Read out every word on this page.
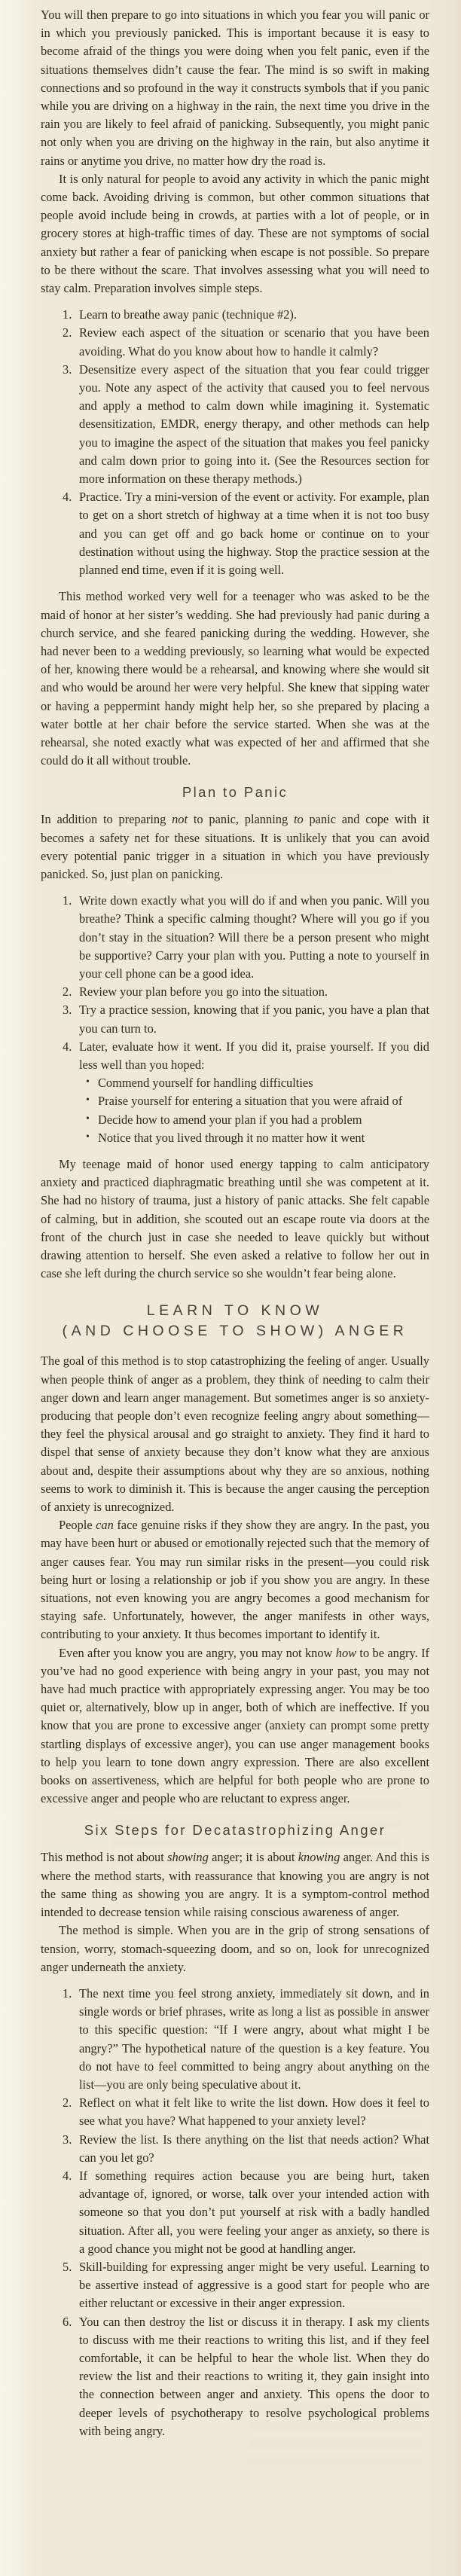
You will then prepare to go into situations in which you fear you will panic or in which you previously panicked. This is important because it is easy to become afraid of the things you were doing when you felt panic, even if the situations themselves didn’t cause the fear. The mind is so swift in making connections and so profound in the way it constructs symbols that if you panic while you are driving on a highway in the rain, the next time you drive in the rain you are likely to feel afraid of panicking. Subsequently, you might panic not only when you are driving on the highway in the rain, but also anytime it rains or anytime you drive, no matter how dry the road is.

It is only natural for people to avoid any activity in which the panic might come back. Avoiding driving is common, but other common situations that people avoid include being in crowds, at parties with a lot of people, or in grocery stores at high-traffic times of day. These are not symptoms of social anxiety but rather a fear of panicking when escape is not possible. So prepare to be there without the scare. That involves assessing what you will need to stay calm. Preparation involves simple steps.

1. Learn to breathe away panic (technique #2).
2. Review each aspect of the situation or scenario that you have been avoiding. What do you know about how to handle it calmly?
3. Desensitize every aspect of the situation that you fear could trigger you. Note any aspect of the activity that caused you to feel nervous and apply a method to calm down while imagining it. Systematic desensitization, EMDR, energy therapy, and other methods can help you to imagine the aspect of the situation that makes you feel panicky and calm down prior to going into it. (See the Resources section for more information on these therapy methods.)
4. Practice. Try a mini-version of the event or activity. For example, plan to get on a short stretch of highway at a time when it is not too busy and you can get off and go back home or continue on to your destination without using the highway. Stop the practice session at the planned end time, even if it is going well.

This method worked very well for a teenager who was asked to be the maid of honor at her sister’s wedding. She had previously had panic during a church service, and she feared panicking during the wedding. However, she had never been to a wedding previously, so learning what would be expected of her, knowing there would be a rehearsal, and knowing where she would sit and who would be around her were very helpful. She knew that sipping water or having a peppermint handy might help her, so she prepared by placing a water bottle at her chair before the service started. When she was at the rehearsal, she noted exactly what was expected of her and affirmed that she could do it all without trouble.

Plan to Panic

In addition to preparing not to panic, planning to panic and cope with it becomes a safety net for these situations. It is unlikely that you can avoid every potential panic trigger in a situation in which you have previously panicked. So, just plan on panicking.

1. Write down exactly what you will do if and when you panic. Will you breathe? Think a specific calming thought? Where will you go if you don’t stay in the situation? Will there be a person present who might be supportive? Carry your plan with you. Putting a note to yourself in your cell phone can be a good idea.
2. Review your plan before you go into the situation.
3. Try a practice session, knowing that if you panic, you have a plan that you can turn to.
4. Later, evaluate how it went. If you did it, praise yourself. If you did less well than you hoped:
• Commend yourself for handling difficulties
• Praise yourself for entering a situation that you were afraid of
• Decide how to amend your plan if you had a problem
• Notice that you lived through it no matter how it went

My teenage maid of honor used energy tapping to calm anticipatory anxiety and practiced diaphragmatic breathing until she was competent at it. She had no history of trauma, just a history of panic attacks. She felt capable of calming, but in addition, she scouted out an escape route via doors at the front of the church just in case she needed to leave quickly but without drawing attention to herself. She even asked a relative to follow her out in case she left during the church service so she wouldn’t fear being alone.

LEARN TO KNOW
(AND CHOOSE TO SHOW) ANGER

The goal of this method is to stop catastrophizing the feeling of anger. Usually when people think of anger as a problem, they think of needing to calm their anger down and learn anger management. But sometimes anger is so anxiety-producing that people don’t even recognize feeling angry about something—they feel the physical arousal and go straight to anxiety. They find it hard to dispel that sense of anxiety because they don’t know what they are anxious about and, despite their assumptions about why they are so anxious, nothing seems to work to diminish it. This is because the anger causing the perception of anxiety is unrecognized.

People can face genuine risks if they show they are angry. In the past, you may have been hurt or abused or emotionally rejected such that the memory of anger causes fear. You may run similar risks in the present—you could risk being hurt or losing a relationship or job if you show you are angry. In these situations, not even knowing you are angry becomes a good mechanism for staying safe. Unfortunately, however, the anger manifests in other ways, contributing to your anxiety. It thus becomes important to identify it.

Even after you know you are angry, you may not know how to be angry. If you’ve had no good experience with being angry in your past, you may not have had much practice with appropriately expressing anger. You may be too quiet or, alternatively, blow up in anger, both of which are ineffective. If you know that you are prone to excessive anger (anxiety can prompt some pretty startling displays of excessive anger), you can use anger management books to help you learn to tone down angry expression. There are also excellent books on assertiveness, which are helpful for both people who are prone to excessive anger and people who are reluctant to express anger.

Six Steps for Decatastrophizing Anger

This method is not about showing anger; it is about knowing anger. And this is where the method starts, with reassurance that knowing you are angry is not the same thing as showing you are angry. It is a symptom-control method intended to decrease tension while raising conscious awareness of anger.

The method is simple. When you are in the grip of strong sensations of tension, worry, stomach-squeezing doom, and so on, look for unrecognized anger underneath the anxiety.

1. The next time you feel strong anxiety, immediately sit down, and in single words or brief phrases, write as long a list as possible in answer to this specific question: “If I were angry, about what might I be angry?” The hypothetical nature of the question is a key feature. You do not have to feel committed to being angry about anything on the list—you are only being speculative about it.
2. Reflect on what it felt like to write the list down. How does it feel to see what you have? What happened to your anxiety level?
3. Review the list. Is there anything on the list that needs action? What can you let go?
4. If something requires action because you are being hurt, taken advantage of, ignored, or worse, talk over your intended action with someone so that you don’t put yourself at risk with a badly handled situation. After all, you were feeling your anger as anxiety, so there is a good chance you might not be good at handling anger.
5. Skill-building for expressing anger might be very useful. Learning to be assertive instead of aggressive is a good start for people who are either reluctant or excessive in their anger expression.
6. You can then destroy the list or discuss it in therapy. I ask my clients to discuss with me their reactions to writing this list, and if they feel comfortable, it can be helpful to hear the whole list. When they do review the list and their reactions to writing it, they gain insight into the connection between anger and anxiety. This opens the door to deeper levels of psychotherapy to resolve psychological problems with being angry.
